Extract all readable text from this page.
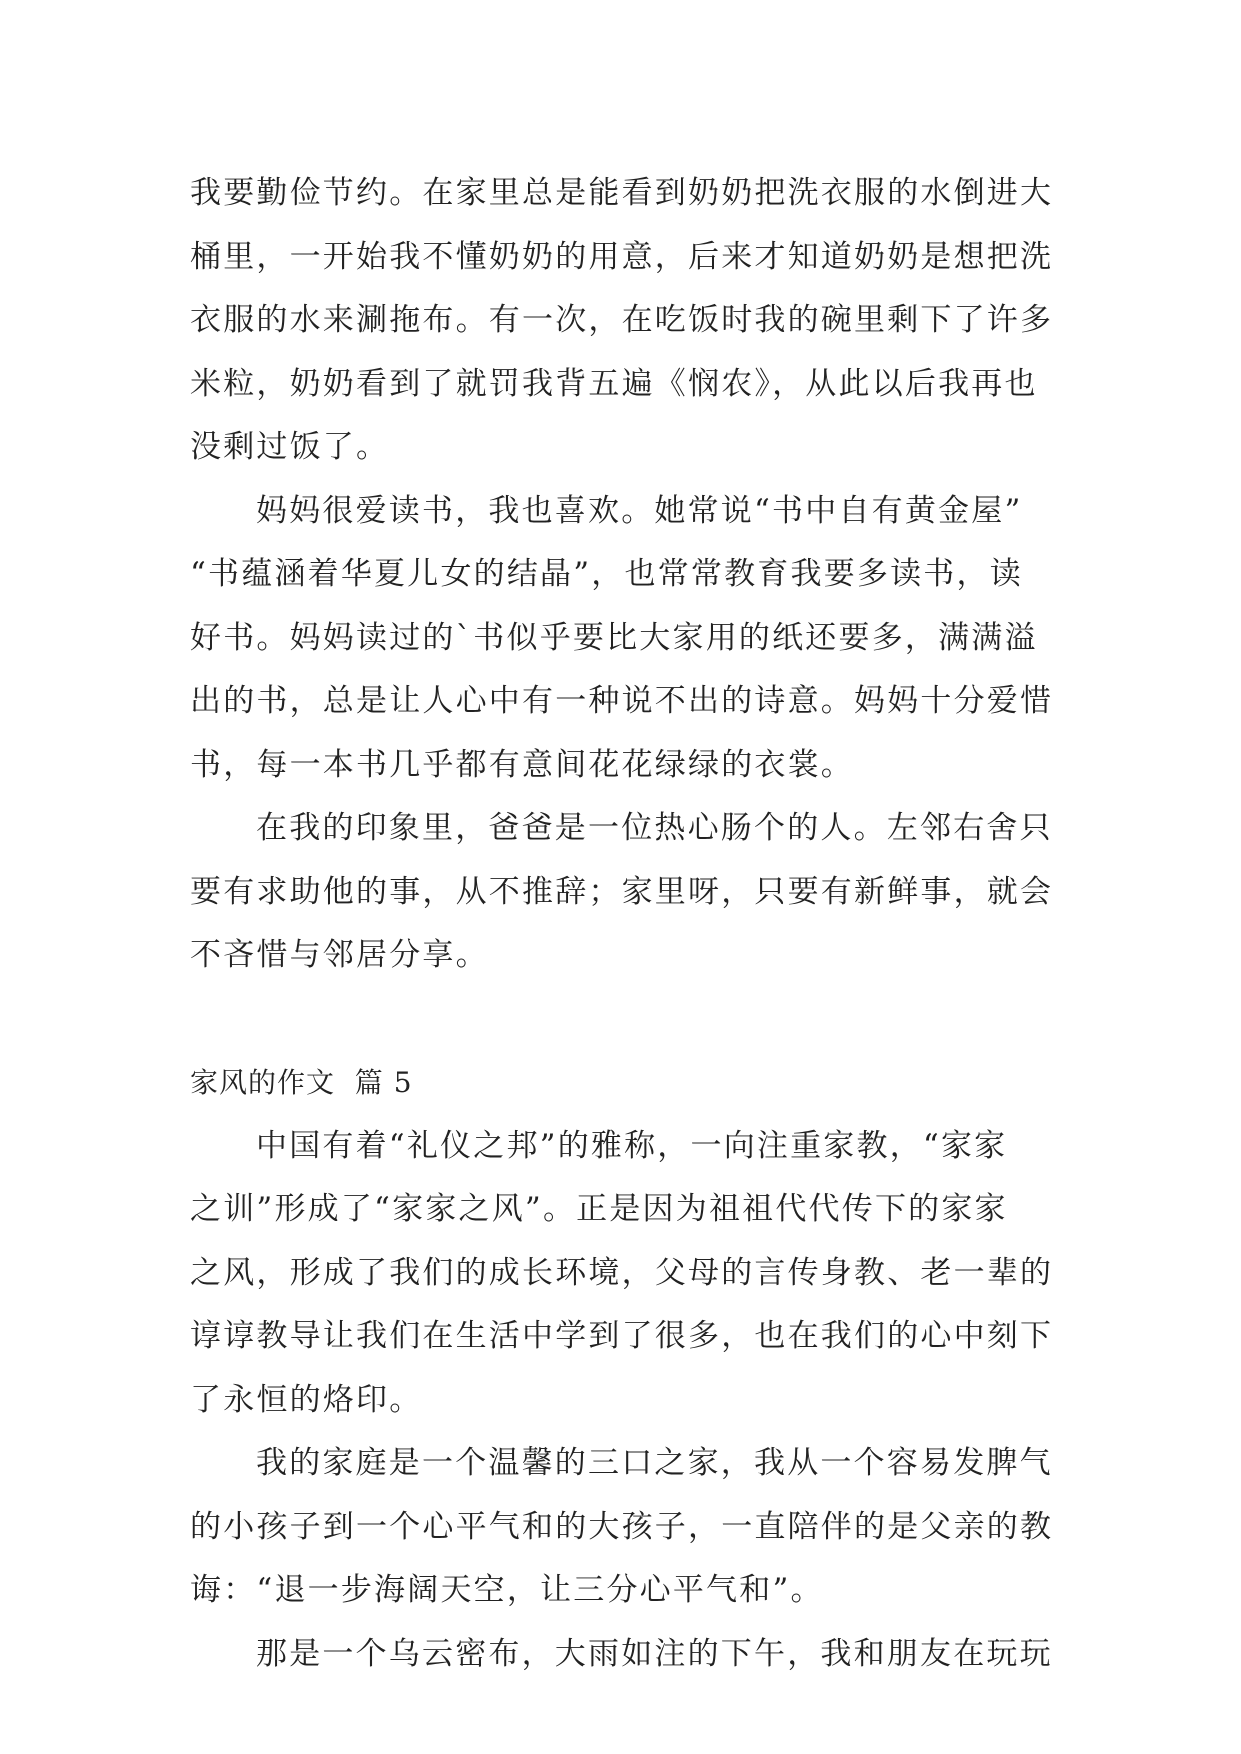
我要勤俭节约。在家里总是能看到奶奶把洗衣服的水倒进大
桶里，一开始我不懂奶奶的用意，后来才知道奶奶是想把洗
衣服的水来涮拖布。有一次，在吃饭时我的碗里剩下了许多
米粒，奶奶看到了就罚我背五遍《悯农》，从此以后我再也
没剩过饭了。
妈妈很爱读书，我也喜欢。她常说“书中自有黄金屋”
“书蕴涵着华夏儿女的结晶”，也常常教育我要多读书，读
好书。妈妈读过的`书似乎要比大家用的纸还要多，满满溢
出的书，总是让人心中有一种说不出的诗意。妈妈十分爱惜
书，每一本书几乎都有意间花花绿绿的衣裳。
在我的印象里，爸爸是一位热心肠个的人。左邻右舍只
要有求助他的事，从不推辞；家里呀，只要有新鲜事，就会
不吝惜与邻居分享。
家风的作文  篇 5
中国有着“礼仪之邦”的雅称，一向注重家教，“家家
之训”形成了“家家之风”。正是因为祖祖代代传下的家家
之风，形成了我们的成长环境，父母的言传身教、老一辈的
谆谆教导让我们在生活中学到了很多，也在我们的心中刻下
了永恒的烙印。
我的家庭是一个温馨的三口之家，我从一个容易发脾气
的小孩子到一个心平气和的大孩子，一直陪伴的是父亲的教
诲：“退一步海阔天空，让三分心平气和”。
那是一个乌云密布，大雨如注的下午，我和朋友在玩玩
